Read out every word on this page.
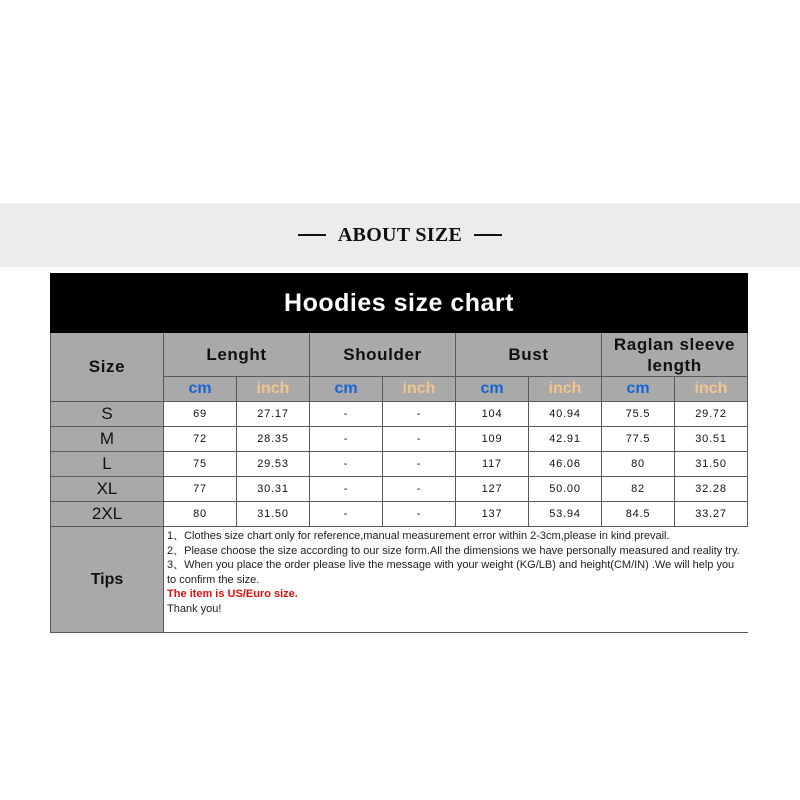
ABOUT SIZE
Hoodies size chart								
Size	Lenght		Shoulder		Bust		Raglan sleeve
length	
	cm	inch	cm	inch	cm	inch	cm	inch
S	69	27.17	-	-	104	40.94	75.5	29.72
M	72	28.35	-	-	109	42.91	77.5	30.51
L	75	29.53	-	-	117	46.06	80	31.50
XL	77	30.31	-	-	127	50.00	82	32.28
2XL	80	31.50	-	-	137	53.94	84.5	33.27
Tips	1、Clothes size chart only for reference,manual measurement error within 2-3cm,please in kind prevail.
2、Please choose the size according to our size form.All the dimensions we have personally measured and reality try.
3、When you place the order please live the message with your weight (KG/LB) and height(CM/IN) .We will help you to confirm the size.
The item is US/Euro size.
Thank you!							
